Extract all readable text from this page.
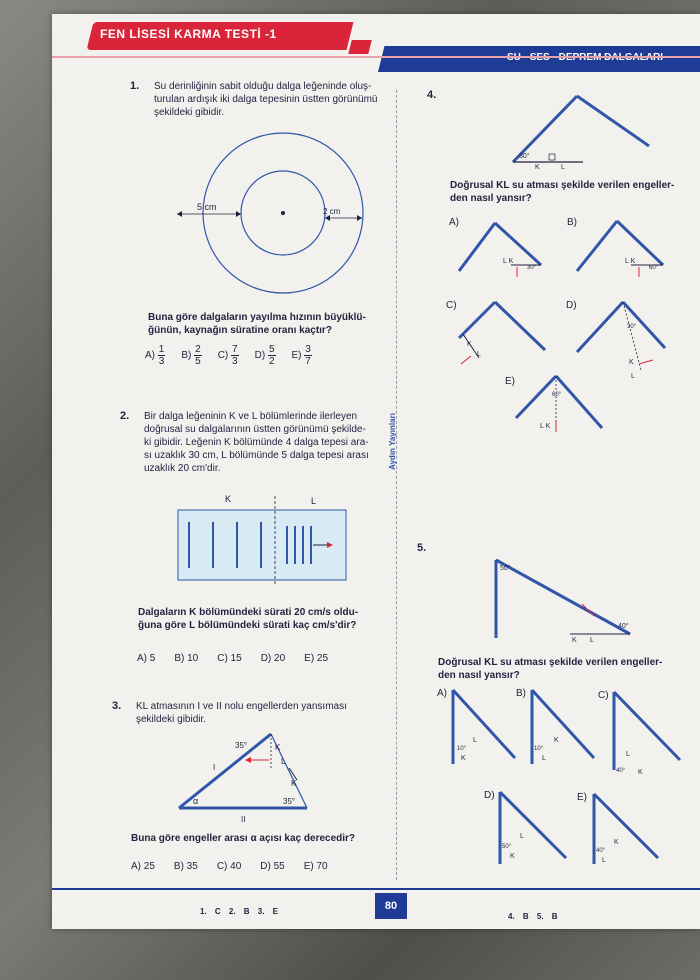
FEN LİSESİ KARMA TESTİ -1
Aydın Yayınları
1. Su derinliğinin sabit olduğu dalga leğeninde oluş-
turulan ardışık iki dalga tepesinin üstten görünümü
şekildeki gibidir.
5 cm	2 cm
Buna göre dalgaların yayılma hızının büyüklü-
ğünün, kaynağın süratine oranı kaçtır?
$A) \frac{1}{3} B) \frac{2}{5} C) \frac{7}{3} D) \frac{5}{2} E) \frac{3}{7}$
2. Bir dalga leğeninin K ve L bölümlerinde ilerleyen
doğrusal su dalgalarının üstten görünümü şekilde-
ki gibidir. Leğenin K bölümünde 4 dalga tepesi ara-
sı uzaklık 30 cm, L bölümünde 5 dalga tepesi arası
uzaklık 20 cm'dir.
K	L
Dalgaların K bölümündeki sürati 20 cm/s oldu-
ğuna göre L bölümündeki sürati kaç cm/s'dir?
A) 5 B) 10 C) 15 D) 20 E) 25
3. KL atmasının I ve II nolu engellerden yansıması
şekildeki gibidir.
35°	K
L
K
I
35°
α
II
Buna göre engeller arası α açısı kaç derecedir?
A) 25 B) 35 C) 40 D) 55 E) 70
4.
30°
K	L
Doğrusal KL su atması şekilde verilen engeller-
den nasıl yansır?
A)
L K
30°
B)
L K
60°
C)
K
L
D)
30°
K
L
E)
60°
L K
5.
50°
40°
K L
Doğrusal KL su atması şekilde verilen engeller-
den nasıl yansır?
A)
10°
L
K
B)
10°
K
L
C)
40°
L
K
D)
50°
L
K
E)
40°
K
L
80
1. C 2. B 3. E
4. B 5. B
